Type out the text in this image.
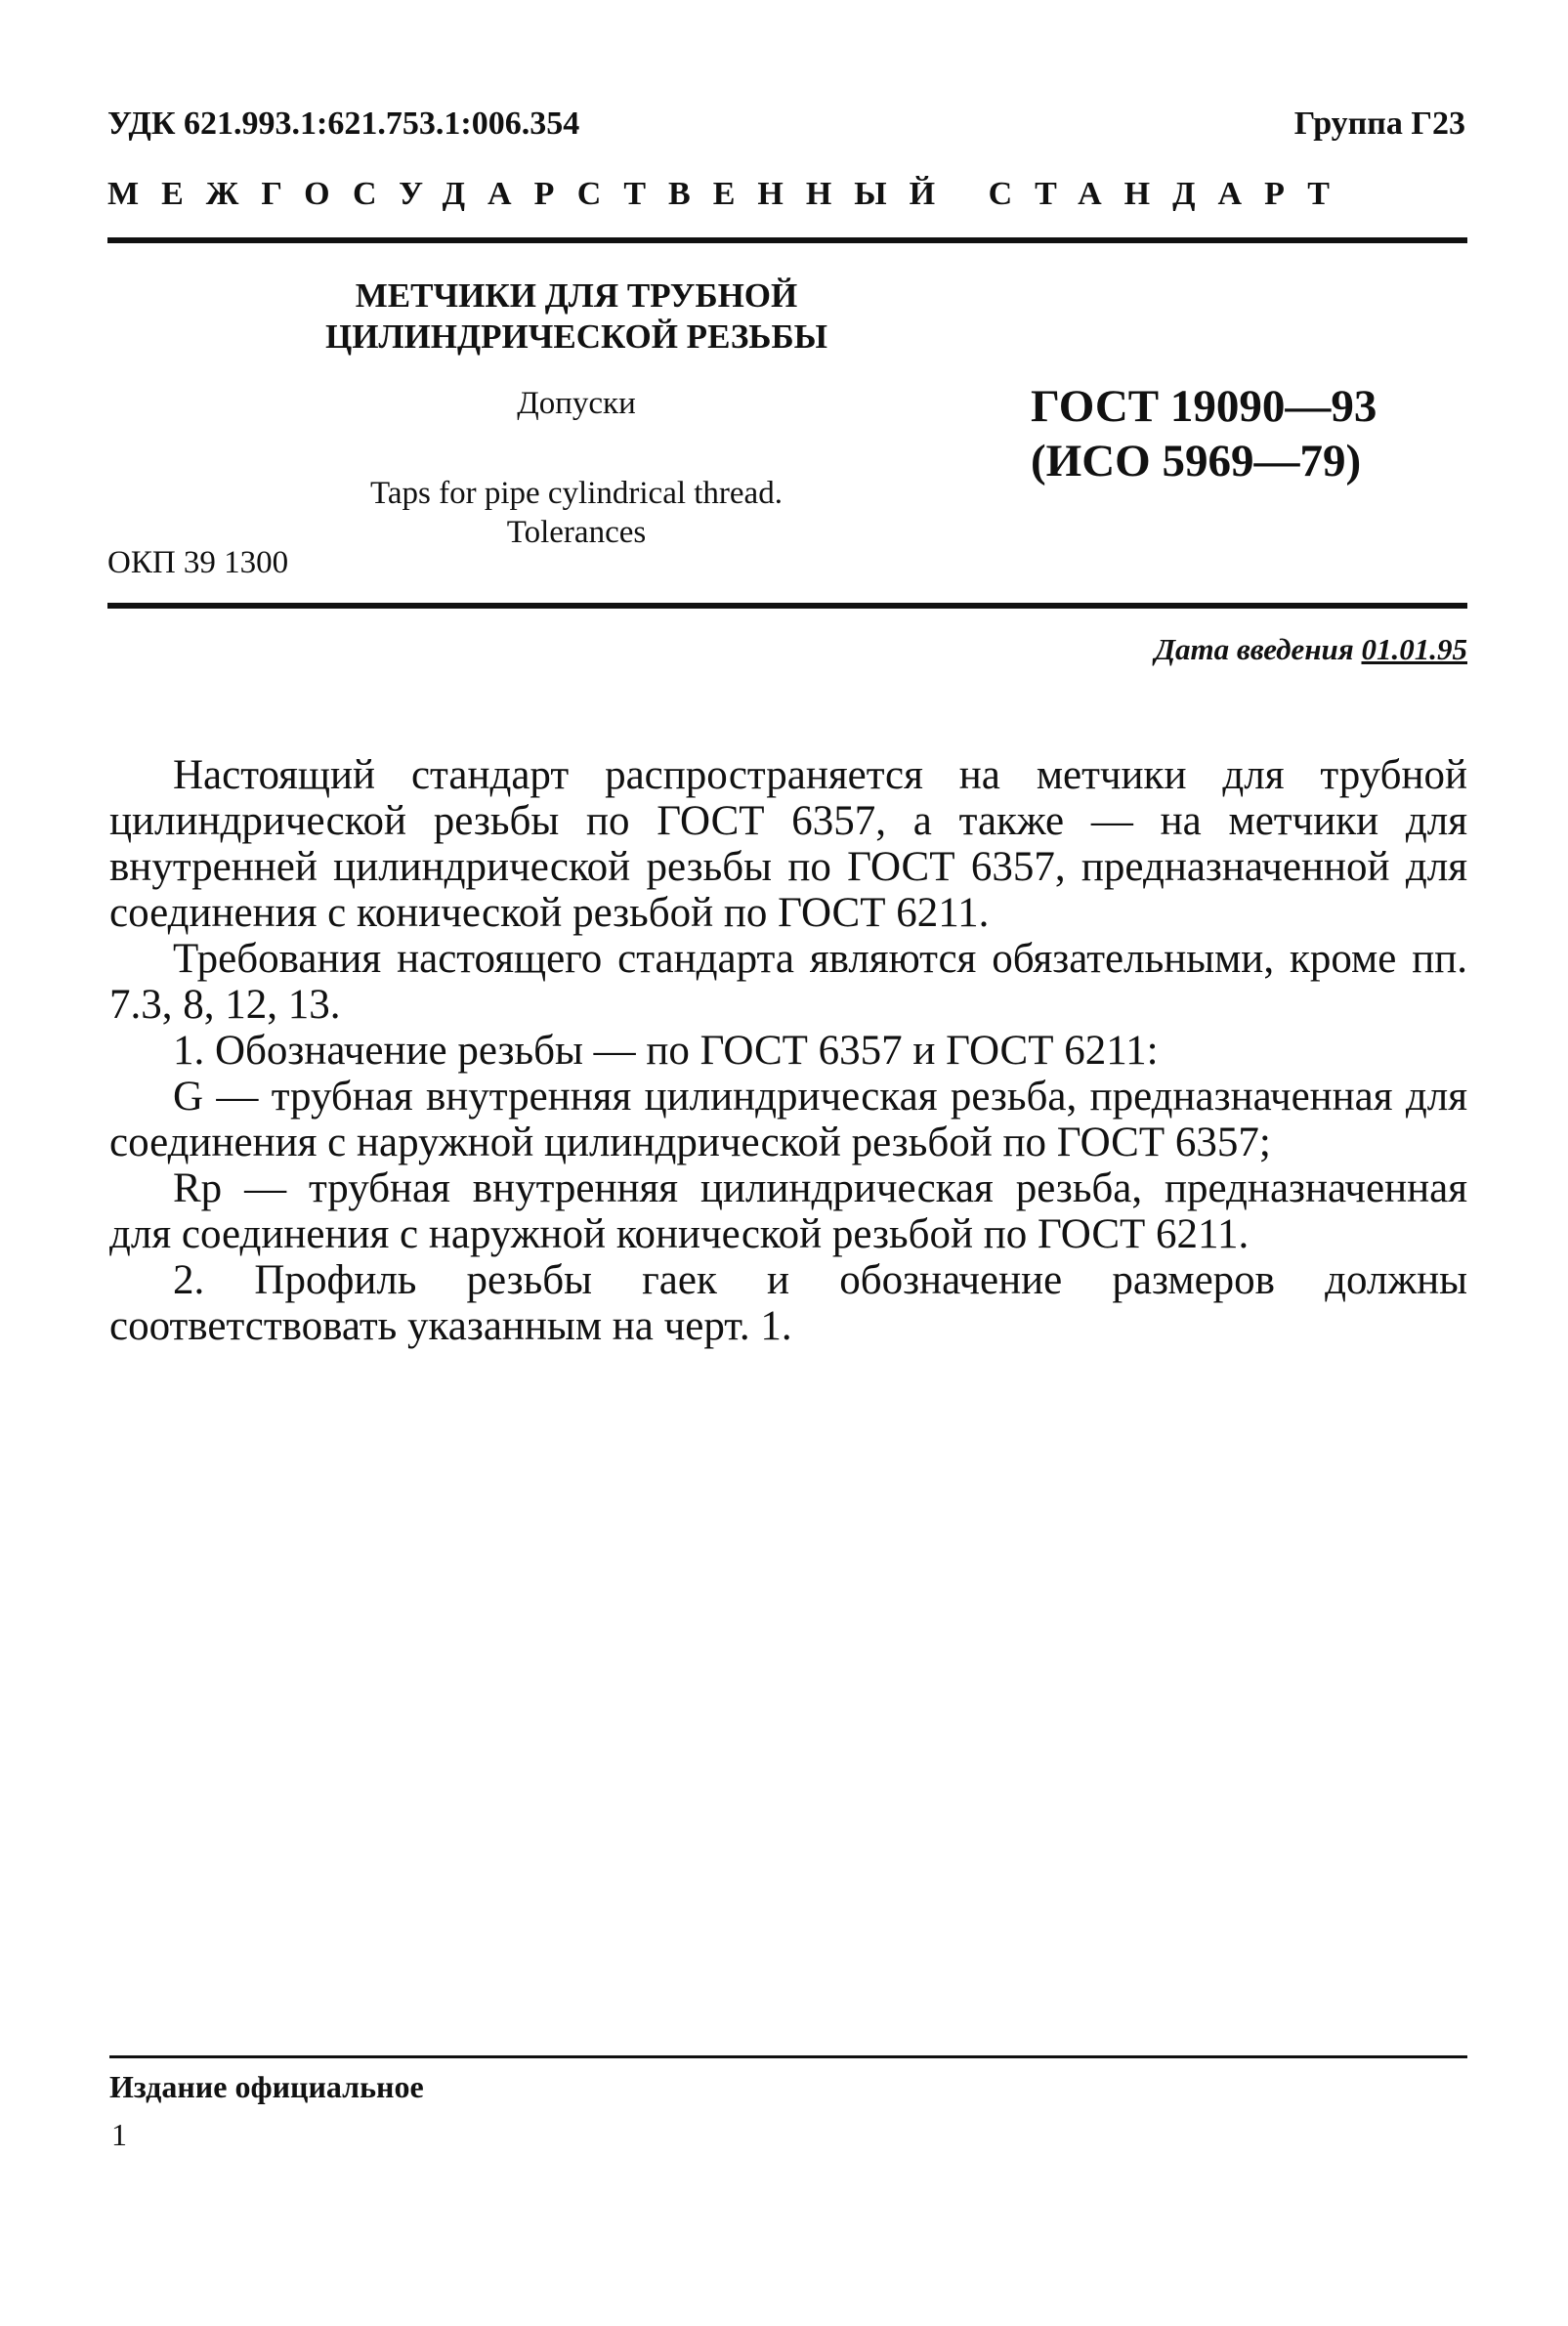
УДК 621.993.1:621.753.1:006.354	Группа Г23
МЕЖГОСУДАРСТВЕННЫЙ СТАНДАРТ
МЕТЧИКИ ДЛЯ ТРУБНОЙ
ЦИЛИНДРИЧЕСКОЙ РЕЗЬБЫ
Допуски	ГОСТ 19090—93
(ИСО 5969—79)
Taps for pipe cylindrical thread.
Tolerances
ОКП 39 1300
Дата введения 01.01.95

Настоящий стандарт распространяется на метчики для трубной цилиндрической резьбы по ГОСТ 6357, а также — на метчики для внутренней цилиндрической резьбы по ГОСТ 6357, предназначенной для соединения с конической резьбой по ГОСТ 6211.

Требования настоящего стандарта являются обязательными, кроме пп. 7.3, 8, 12, 13.

1. Обозначение резьбы — по ГОСТ 6357 и ГОСТ 6211:

G — трубная внутренняя цилиндрическая резьба, предназначенная для соединения с наружной цилиндрической резьбой по ГОСТ 6357;

Rp — трубная внутренняя цилиндрическая резьба, предназначенная для соединения с наружной конической резьбой по ГОСТ 6211.

2. Профиль резьбы гаек и обозначение размеров должны соответствовать указанным на черт. 1.

Издание официальное
1
